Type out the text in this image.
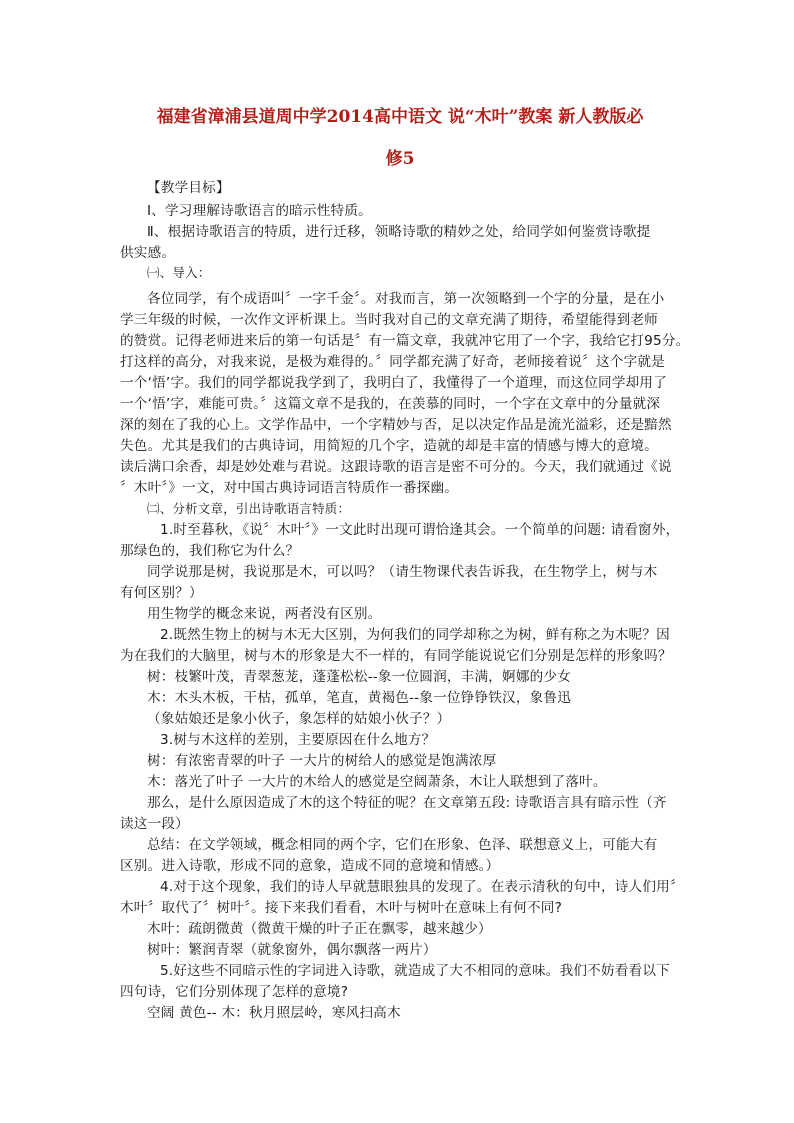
福建省漳浦县道周中学2014高中语文 说“木叶”教案 新人教版必
修5
【教学目标】
Ⅰ、学习理解诗歌语言的暗示性特质。
Ⅱ、根据诗歌语言的特质，进行迁移，领略诗歌的精妙之处，给同学如何鉴赏诗歌提
供实感。
㈠、导入：
各位同学，有个成语叫〞一字千金〞。对我而言，第一次领略到一个字的分量，是在小
学三年级的时候，一次作文评析课上。当时我对自己的文章充满了期待，希望能得到老师
的赞赏。记得老师进来后的第一句话是〞有一篇文章，我就冲它用了一个字，我给它打95分。
打这样的高分，对我来说，是极为难得的。〞同学都充满了好奇，老师接着说〞这个字就是
一个‘悟’字。我们的同学都说我学到了，我明白了，我懂得了一个道理，而这位同学却用了
一个‘悟’字，难能可贵。〞这篇文章不是我的，在羡慕的同时，一个字在文章中的分量就深
深的刻在了我的心上。文学作品中，一个字精妙与否，足以决定作品是流光溢彩，还是黯然
失色。尤其是我们的古典诗词，用简短的几个字，造就的却是丰富的情感与博大的意境。
读后满口余香，却是妙处难与君说。这跟诗歌的语言是密不可分的。今天，我们就通过《说
〞木叶〞》一文，对中国古典诗词语言特质作一番探幽。
㈡、分析文章，引出诗歌语言特质：
1.时至暮秋，《说〞木叶〞》一文此时出现可谓恰逢其会。一个简单的问题: 请看窗外，
那绿色的，我们称它为什么？
同学说那是树，我说那是木，可以吗？（请生物课代表告诉我，在生物学上，树与木
有何区别？）
用生物学的概念来说，两者没有区别。
2.既然生物上的树与木无大区别，为何我们的同学却称之为树，鲜有称之为木呢？因
为在我们的大脑里，树与木的形象是大不一样的，有同学能说说它们分别是怎样的形象吗？
树：枝繁叶茂，青翠葱茏，蓬蓬松松--象一位圆润，丰满，婀娜的少女
木：木头木板，干枯，孤单，笔直，黄褐色--象一位铮铮铁汉，象鲁迅
（象姑娘还是象小伙子，象怎样的姑娘小伙子？）
3.树与木这样的差别，主要原因在什么地方？
树：有浓密青翠的叶子 一大片的树给人的感觉是饱满浓厚
木：落光了叶子 一大片的木给人的感觉是空阔萧条，木让人联想到了落叶。
那么，是什么原因造成了木的这个特征的呢？在文章第五段: 诗歌语言具有暗示性（齐
读这一段）
总结：在文学领域，概念相同的两个字，它们在形象、色泽、联想意义上，可能大有
区别。进入诗歌，形成不同的意象，造成不同的意境和情感。）
4.对于这个现象，我们的诗人早就慧眼独具的发现了。在表示清秋的句中，诗人们用〞
木叶〞取代了〞树叶〞。接下来我们看看，木叶与树叶在意味上有何不同?
木叶：疏朗微黄（微黄干燥的叶子正在飘零，越来越少）
树叶：繁润青翠（就象窗外，偶尔飘落一两片）
5.好这些不同暗示性的字词进入诗歌，就造成了大不相同的意味。我们不妨看看以下
四句诗，它们分别体现了怎样的意境?
空阔 黄色-- 木：秋月照层岭，寒风扫高木
